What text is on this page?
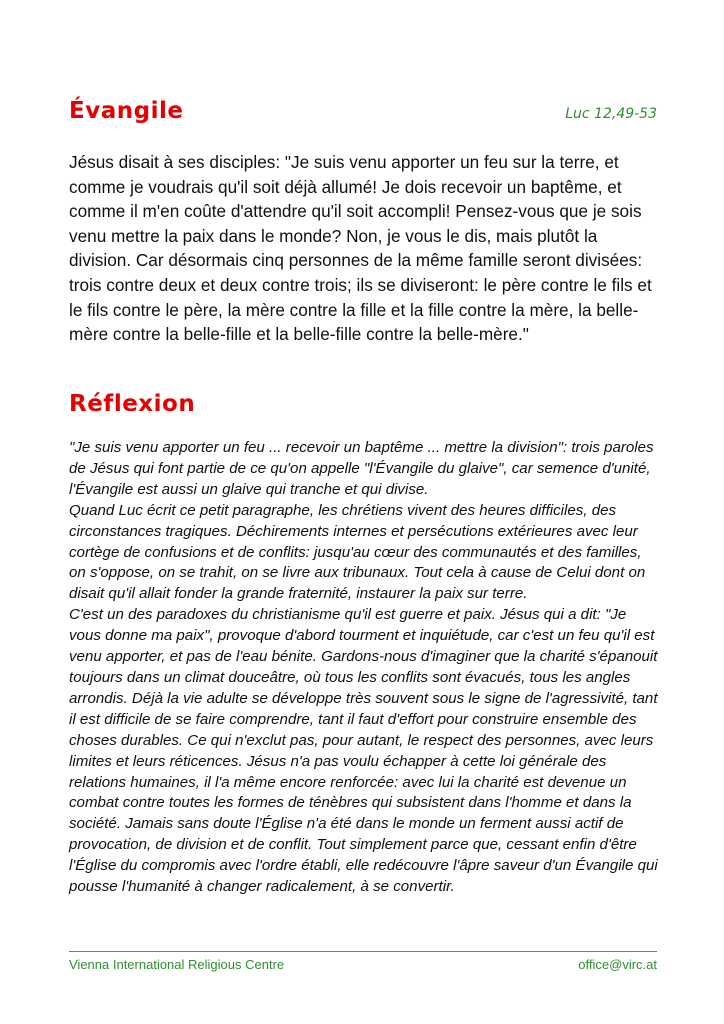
Évangile	Luc 12,49-53

Jésus disait à ses disciples: "Je suis venu apporter un feu sur la terre, et comme je voudrais qu'il soit déjà allumé! Je dois recevoir un baptême, et comme il m'en coûte d'attendre qu'il soit accompli! Pensez-vous que je sois venu mettre la paix dans le monde? Non, je vous le dis, mais plutôt la division. Car désormais cinq personnes de la même famille seront divisées: trois contre deux et deux contre trois; ils se diviseront: le père contre le fils et le fils contre le père, la mère contre la fille et la fille contre la mère, la belle-mère contre la belle-fille et la belle-fille contre la belle-mère."

Réflexion
"Je suis venu apporter un feu ... recevoir un baptême ... mettre la division": trois paroles de Jésus qui font partie de ce qu'on appelle "l'Évangile du glaive", car semence d'unité, l'Évangile est aussi un glaive qui tranche et qui divise.
Quand Luc écrit ce petit paragraphe, les chrétiens vivent des heures difficiles, des circonstances tragiques. Déchirements internes et persécutions extérieures avec leur cortège de confusions et de conflits: jusqu'au cœur des communautés et des familles, on s'oppose, on se trahit, on se livre aux tribunaux. Tout cela à cause de Celui dont on disait qu'il allait fonder la grande fraternité, instaurer la paix sur terre.
C'est un des paradoxes du christianisme qu'il est guerre et paix. Jésus qui a dit: "Je vous donne ma paix", provoque d'abord tourment et inquiétude, car c'est un feu qu'il est venu apporter, et pas de l'eau bénite. Gardons-nous d'imaginer que la charité s'épanouit toujours dans un climat douceâtre, où tous les conflits sont évacués, tous les angles arrondis. Déjà la vie adulte se développe très souvent sous le signe de l'agressivité, tant il est difficile de se faire comprendre, tant il faut d'effort pour construire ensemble des choses durables. Ce qui n'exclut pas, pour autant, le respect des personnes, avec leurs limites et leurs réticences. Jésus n'a pas voulu échapper à cette loi générale des relations humaines, il l'a même encore renforcée: avec lui la charité est devenue un combat contre toutes les formes de ténèbres qui subsistent dans l'homme et dans la société. Jamais sans doute l'Église n'a été dans le monde un ferment aussi actif de provocation, de division et de conflit. Tout simplement parce que, cessant enfin d'être l'Église du compromis avec l'ordre établi, elle redécouvre l'âpre saveur d'un Évangile qui pousse l'humanité à changer radicalement, à se convertir.
Vienna International Religious Centre	office@virc.at
